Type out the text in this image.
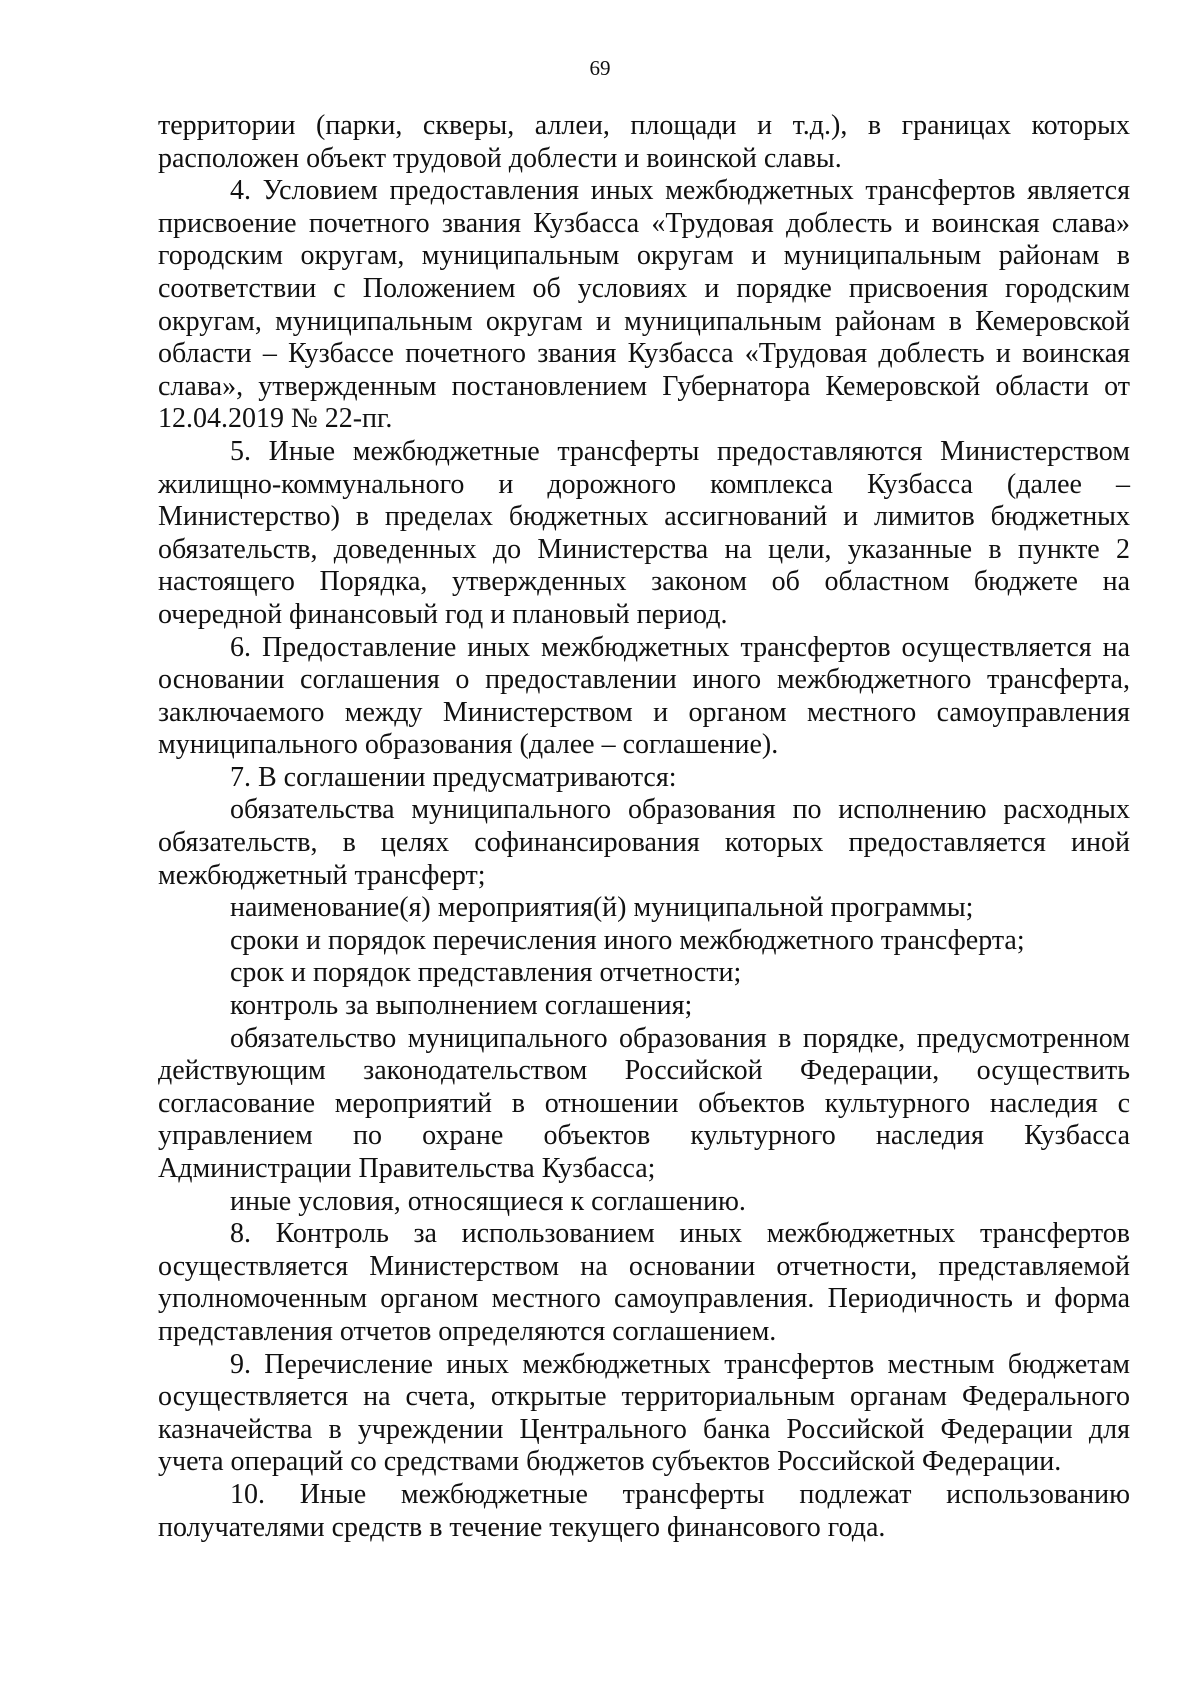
69

территории (парки, скверы, аллеи, площади и т.д.), в границах которых расположен объект трудовой доблести и воинской славы.

4. Условием предоставления иных межбюджетных трансфертов является присвоение почетного звания Кузбасса «Трудовая доблесть и воинская слава» городским округам, муниципальным округам и муниципальным районам в соответствии с Положением об условиях и порядке присвоения городским округам, муниципальным округам и муниципальным районам в Кемеровской области – Кузбассе почетного звания Кузбасса «Трудовая доблесть и воинская слава», утвержденным постановлением Губернатора Кемеровской области от 12.04.2019 № 22-пг.

5. Иные межбюджетные трансферты предоставляются Министерством жилищно-коммунального и дорожного комплекса Кузбасса (далее – Министерство) в пределах бюджетных ассигнований и лимитов бюджетных обязательств, доведенных до Министерства на цели, указанные в пункте 2 настоящего Порядка, утвержденных законом об областном бюджете на очередной финансовый год и плановый период.

6. Предоставление иных межбюджетных трансфертов осуществляется на основании соглашения о предоставлении иного межбюджетного трансферта, заключаемого между Министерством и органом местного самоуправления муниципального образования (далее – соглашение).

7. В соглашении предусматриваются:

обязательства муниципального образования по исполнению расходных обязательств, в целях софинансирования которых предоставляется иной межбюджетный трансферт;

наименование(я) мероприятия(й) муниципальной программы;

сроки и порядок перечисления иного межбюджетного трансферта;

срок и порядок представления отчетности;

контроль за выполнением соглашения;

обязательство муниципального образования в порядке, предусмотренном действующим законодательством Российской Федерации, осуществить согласование мероприятий в отношении объектов культурного наследия с управлением по охране объектов культурного наследия Кузбасса Администрации Правительства Кузбасса;

иные условия, относящиеся к соглашению.

8. Контроль за использованием иных межбюджетных трансфертов осуществляется Министерством на основании отчетности, представляемой уполномоченным органом местного самоуправления. Периодичность и форма представления отчетов определяются соглашением.

9. Перечисление иных межбюджетных трансфертов местным бюджетам осуществляется на счета, открытые территориальным органам Федерального казначейства в учреждении Центрального банка Российской Федерации для учета операций со средствами бюджетов субъектов Российской Федерации.

10. Иные межбюджетные трансферты подлежат использованию получателями средств в течение текущего финансового года.
